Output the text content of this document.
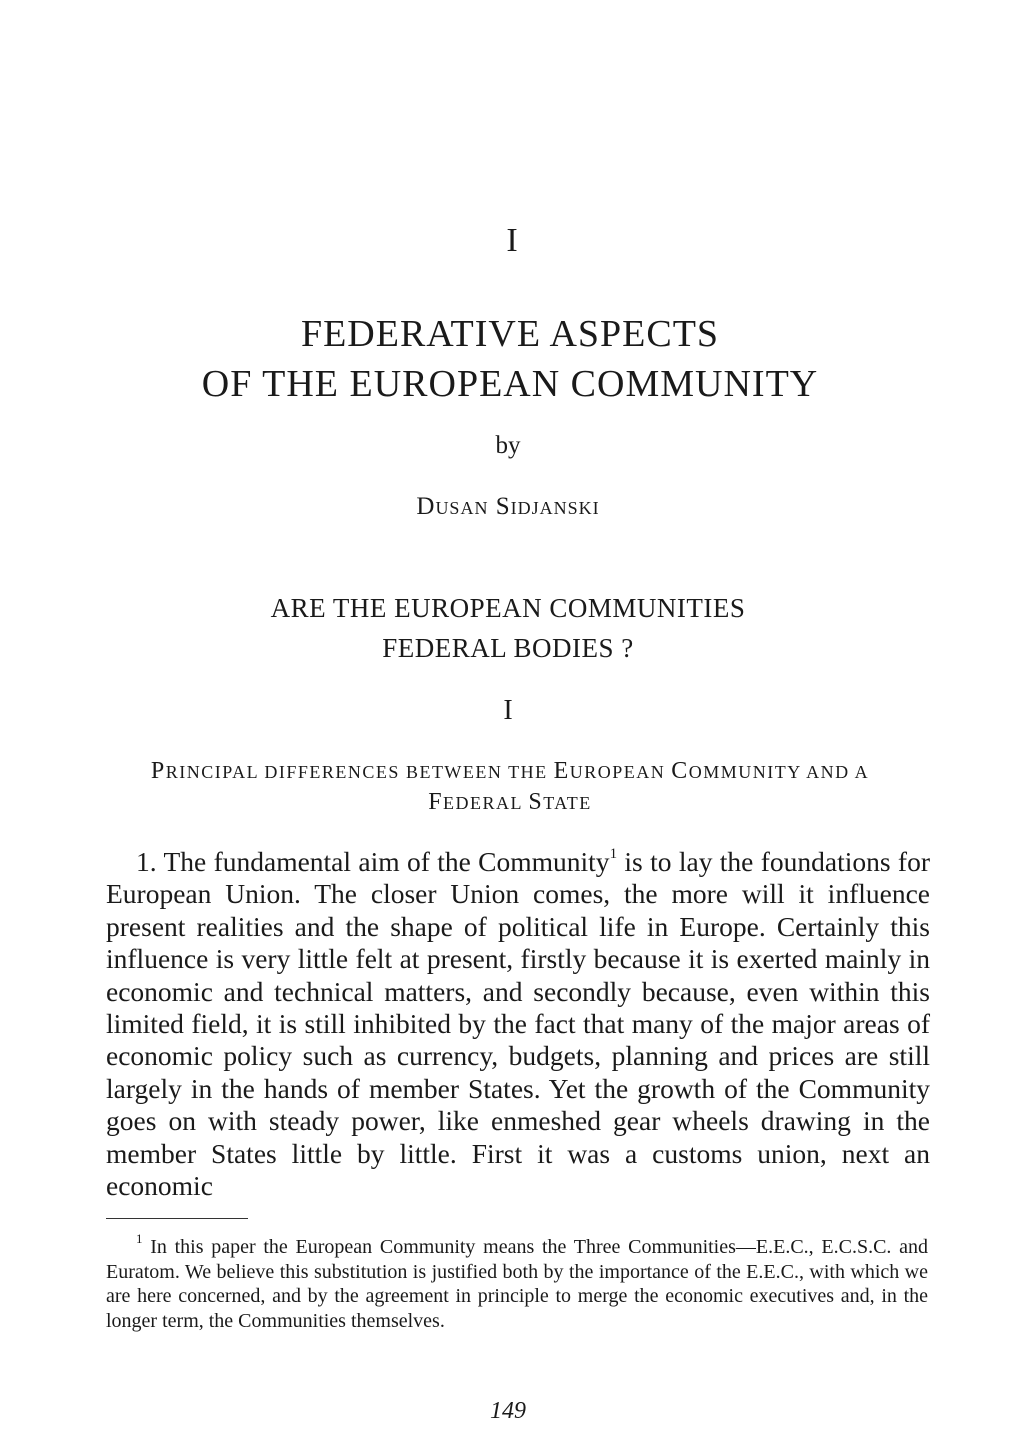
I
FEDERATIVE ASPECTS
OF THE EUROPEAN COMMUNITY
by
DUSAN SIDJANSKI
ARE THE EUROPEAN COMMUNITIES
FEDERAL BODIES ?
I
PRINCIPAL DIFFERENCES BETWEEN THE EUROPEAN COMMUNITY AND A
FEDERAL STATE

1. The fundamental aim of the Community$^1$ is to lay the foundations for European Union. The closer Union comes, the more will it influence present realities and the shape of political life in Europe. Certainly this influence is very little felt at present, firstly because it is exerted mainly in economic and technical matters, and secondly because, even within this limited field, it is still inhibited by the fact that many of the major areas of economic policy such as currency, budgets, planning and prices are still largely in the hands of member States. Yet the growth of the Community goes on with steady power, like enmeshed gear wheels drawing in the member States little by little. First it was a customs union, next an economic

$^1$ In this paper the European Community means the Three Communities—E.E.C., E.C.S.C. and Euratom. We believe this substitution is justified both by the importance of the E.E.C., with which we are here concerned, and by the agreement in principle to merge the economic executives and, in the longer term, the Communities themselves.

149
